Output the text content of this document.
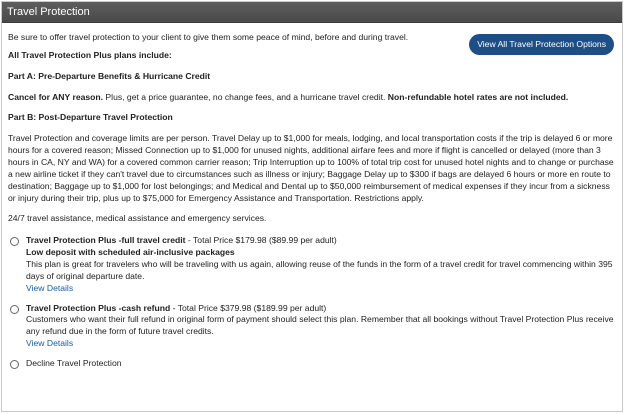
Travel Protection
View All Travel Protection Options
Be sure to offer travel protection to your client to give them some peace of mind, before and during travel.
All Travel Protection Plus plans include:
Part A: Pre-Departure Benefits & Hurricane Credit
Cancel for ANY reason. Plus, get a price guarantee, no change fees, and a hurricane travel credit. Non-refundable hotel rates are not included.
Part B: Post-Departure Travel Protection
Travel Protection and coverage limits are per person. Travel Delay up to $1,000 for meals, lodging, and local transportation costs if the trip is delayed 6 or more hours for a covered reason; Missed Connection up to $1,000 for unused nights, additional airfare fees and more if flight is cancelled or delayed (more than 3 hours in CA, NY and WA) for a covered common carrier reason; Trip Interruption up to 100% of total trip cost for unused hotel nights and to change or purchase a new airline ticket if they can't travel due to circumstances such as illness or injury; Baggage Delay up to $300 if bags are delayed 6 hours or more en route to destination; Baggage up to $1,000 for lost belongings; and Medical and Dental up to $50,000 reimbursement of medical expenses if they incur from a sickness or injury during their trip, plus up to $75,000 for Emergency Assistance and Transportation. Restrictions apply.
24/7 travel assistance, medical assistance and emergency services.
Travel Protection Plus -full travel credit - Total Price $179.98 ($89.99 per adult)
Low deposit with scheduled air-inclusive packages
This plan is great for travelers who will be traveling with us again, allowing reuse of the funds in the form of a travel credit for travel commencing within 395 days of original departure date.
View Details
Travel Protection Plus -cash refund - Total Price $379.98 ($189.99 per adult)
Customers who want their full refund in original form of payment should select this plan. Remember that all bookings without Travel Protection Plus receive any refund due in the form of future travel credits.
View Details
Decline Travel Protection
